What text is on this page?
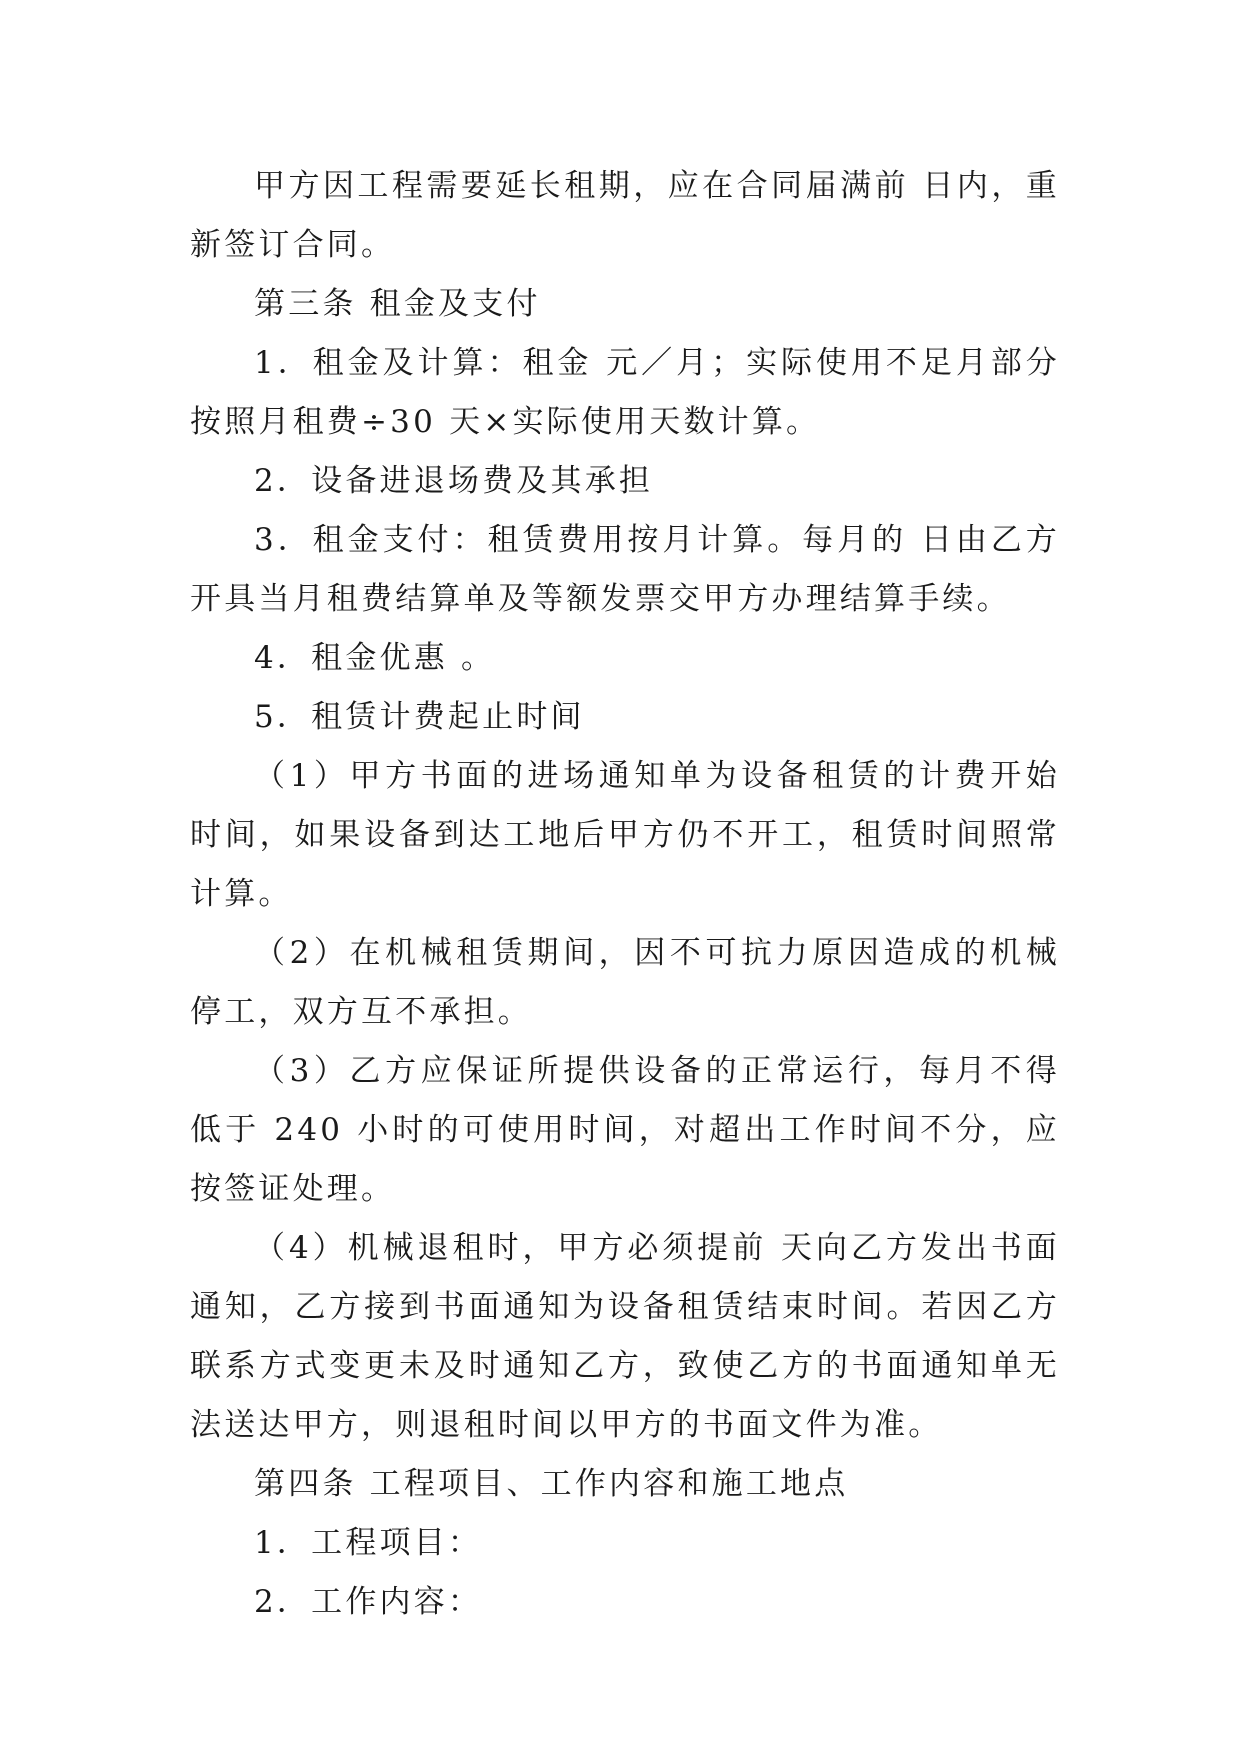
甲方因工程需要延长租期，应在合同届满前 日内，重新签订合同。

第三条 租金及支付

1．租金及计算：租金 元／月；实际使用不足月部分按照月租费÷30 天×实际使用天数计算。

2．设备进退场费及其承担

3．租金支付：租赁费用按月计算。每月的 日由乙方开具当月租费结算单及等额发票交甲方办理结算手续。

4．租金优惠 。

5．租赁计费起止时间

（1）甲方书面的进场通知单为设备租赁的计费开始时间，如果设备到达工地后甲方仍不开工，租赁时间照常计算。

（2）在机械租赁期间，因不可抗力原因造成的机械停工，双方互不承担。

（3）乙方应保证所提供设备的正常运行，每月不得低于 240 小时的可使用时间，对超出工作时间不分，应按签证处理。

（4）机械退租时，甲方必须提前 天向乙方发出书面通知，乙方接到书面通知为设备租赁结束时间。若因乙方联系方式变更未及时通知乙方，致使乙方的书面通知单无法送达甲方，则退租时间以甲方的书面文件为准。

第四条 工程项目、工作内容和施工地点

1．工程项目：

2．工作内容：
